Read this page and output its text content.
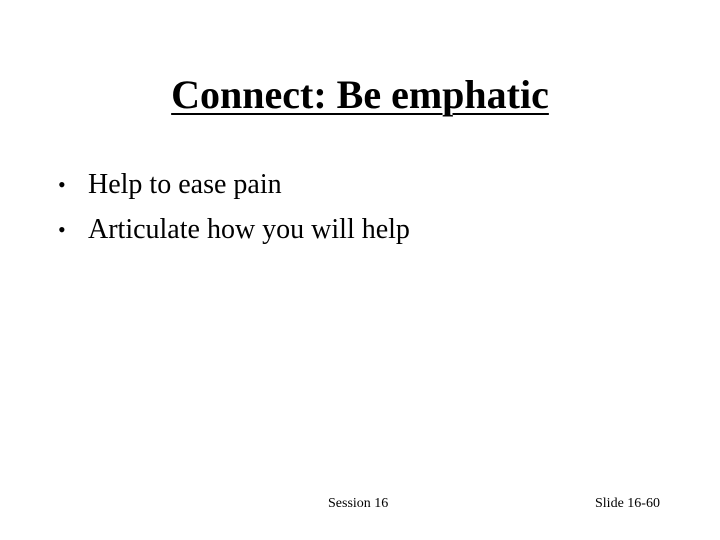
Connect: Be emphatic
• Help to ease pain
• Articulate how you will help
Session 16	Slide 16-60
